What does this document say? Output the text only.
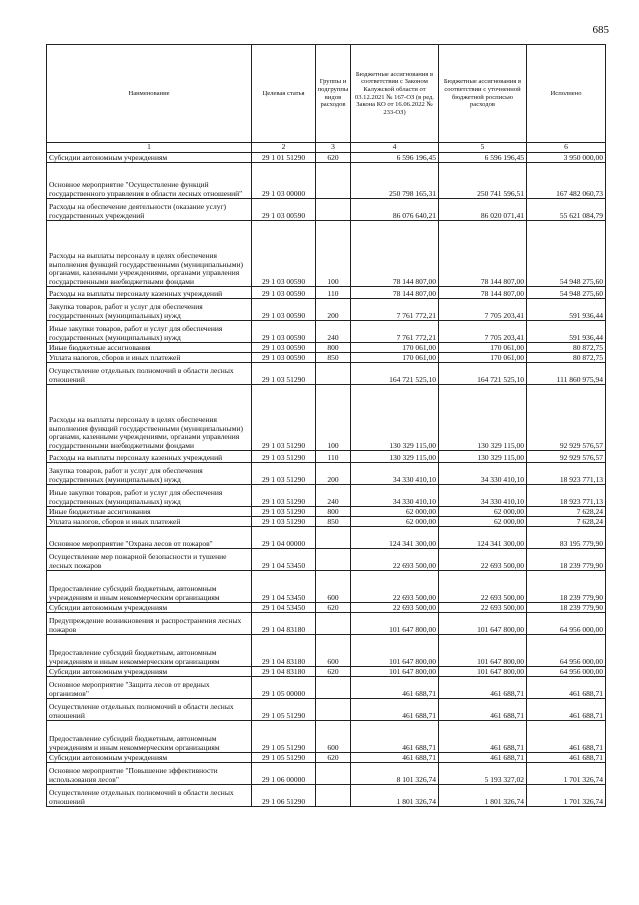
685
Наименование	Целевая статья	Группы и подгруппы видов расходов	Бюджетные ассигнования в соответствии с Законом Калужской области от 03.12.2021 № 167-ОЗ (в ред. Закона КО от 16.06.2022 № 233-ОЗ)	Бюджетные ассигнования в соответствии с уточненной бюджетной росписью расходов	Исполнено
1	2	3	4	5	6
Субсидии автономным учреждениям	29 1 01 51290	620	6 596 196,45	6 596 196,45	3 950 000,00
Основное мероприятие "Осуществление функций государственного управления в области лесных отношений"	29 1 03 00000		250 798 165,31	250 741 596,51	167 482 060,73
Расходы на обеспечение деятельности (оказание услуг) государственных учреждений	29 1 03 00590		86 076 640,21	86 020 071,41	55 621 084,79
Расходы на выплаты персоналу в целях обеспечения выполнения функций государственными (муниципальными) органами, казенными учреждениями, органами управления государственными внебюджетными фондами	29 1 03 00590	100	78 144 807,00	78 144 807,00	54 948 275,60
Расходы на выплаты персоналу казенных учреждений	29 1 03 00590	110	78 144 807,00	78 144 807,00	54 948 275,60
Закупка товаров, работ и услуг для обеспечения государственных (муниципальных) нужд	29 1 03 00590	200	7 761 772,21	7 705 203,41	591 936,44
Иные закупки товаров, работ и услуг для обеспечения государственных (муниципальных) нужд	29 1 03 00590	240	7 761 772,21	7 705 203,41	591 936,44
Иные бюджетные ассигнования	29 1 03 00590	800	170 061,00	170 061,00	80 872,75
Уплата налогов, сборов и иных платежей	29 1 03 00590	850	170 061,00	170 061,00	80 872,75
Осуществление отдельных полномочий в области лесных отношений	29 1 03 51290		164 721 525,10	164 721 525,10	111 860 975,94
Расходы на выплаты персоналу в целях обеспечения выполнения функций государственными (муниципальными) органами, казенными учреждениями, органами управления государственными внебюджетными фондами	29 1 03 51290	100	130 329 115,00	130 329 115,00	92 929 576,57
Расходы на выплаты персоналу казенных учреждений	29 1 03 51290	110	130 329 115,00	130 329 115,00	92 929 576,57
Закупка товаров, работ и услуг для обеспечения государственных (муниципальных) нужд	29 1 03 51290	200	34 330 410,10	34 330 410,10	18 923 771,13
Иные закупки товаров, работ и услуг для обеспечения государственных (муниципальных) нужд	29 1 03 51290	240	34 330 410,10	34 330 410,10	18 923 771,13
Иные бюджетные ассигнования	29 1 03 51290	800	62 000,00	62 000,00	7 628,24
Уплата налогов, сборов и иных платежей	29 1 03 51290	850	62 000,00	62 000,00	7 628,24
Основное мероприятие "Охрана лесов от пожаров"	29 1 04 00000		124 341 300,00	124 341 300,00	83 195 779,90
Осуществление мер пожарной безопасности и тушение лесных пожаров	29 1 04 53450		22 693 500,00	22 693 500,00	18 239 779,90
Предоставление субсидий бюджетным, автономным учреждениям и иным некоммерческим организациям	29 1 04 53450	600	22 693 500,00	22 693 500,00	18 239 779,90
Субсидии автономным учреждениям	29 1 04 53450	620	22 693 500,00	22 693 500,00	18 239 779,90
Предупреждение возникновения и распространения лесных пожаров	29 1 04 83180		101 647 800,00	101 647 800,00	64 956 000,00
Предоставление субсидий бюджетным, автономным учреждениям и иным некоммерческим организациям	29 1 04 83180	600	101 647 800,00	101 647 800,00	64 956 000,00
Субсидии автономным учреждениям	29 1 04 83180	620	101 647 800,00	101 647 800,00	64 956 000,00
Основное мероприятие "Защита лесов от вредных организмов"	29 1 05 00000		461 688,71	461 688,71	461 688,71
Осуществление отдельных полномочий в области лесных отношений	29 1 05 51290		461 688,71	461 688,71	461 688,71
Предоставление субсидий бюджетным, автономным учреждениям и иным некоммерческим организациям	29 1 05 51290	600	461 688,71	461 688,71	461 688,71
Субсидии автономным учреждениям	29 1 05 51290	620	461 688,71	461 688,71	461 688,71
Основное мероприятие "Повышение эффективности использования лесов"	29 1 06 00000		8 101 326,74	5 193 327,02	1 701 326,74
Осуществление отдельных полномочий в области лесных отношений	29 1 06 51290		1 801 326,74	1 801 326,74	1 701 326,74
